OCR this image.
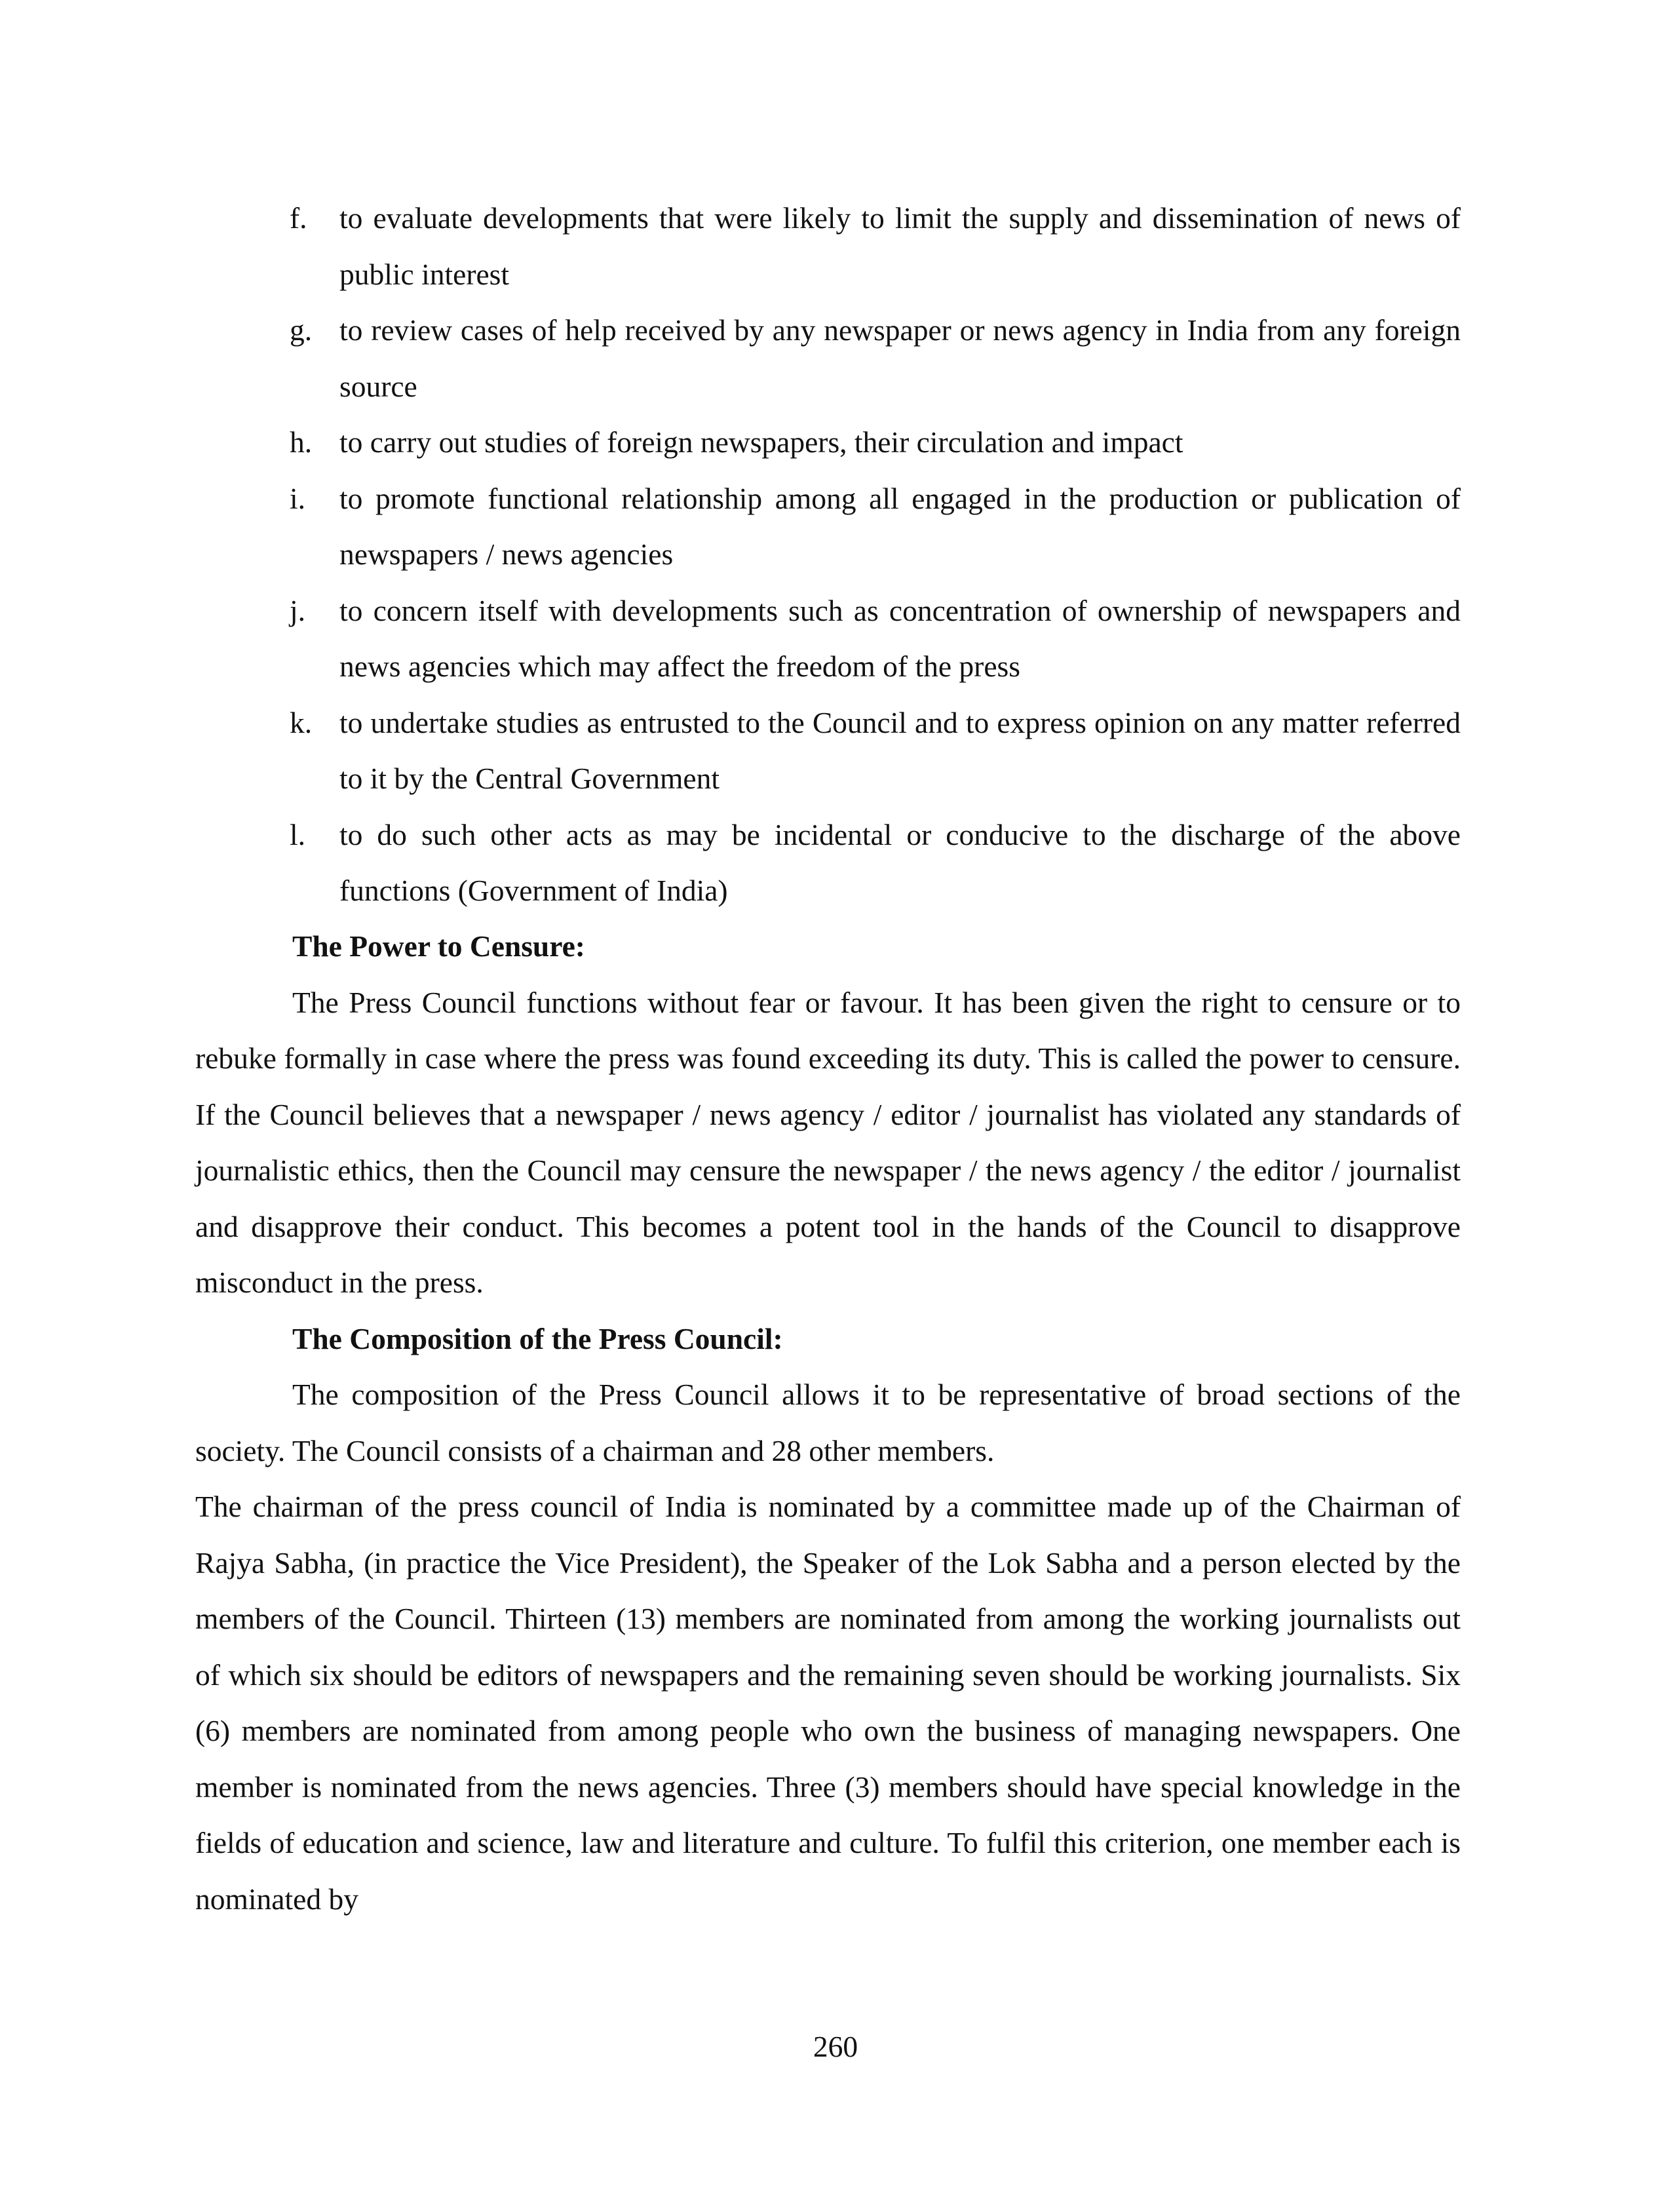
f. to evaluate developments that were likely to limit the supply and dissemination of news of public interest
g. to review cases of help received by any newspaper or news agency in India from any foreign source
h. to carry out studies of foreign newspapers, their circulation and impact
i. to promote functional relationship among all engaged in the production or publication of newspapers / news agencies
j. to concern itself with developments such as concentration of ownership of newspapers and news agencies which may affect the freedom of the press
k. to undertake studies as entrusted to the Council and to express opinion on any matter referred to it by the Central Government
l. to do such other acts as may be incidental or conducive to the discharge of the above functions (Government of India)

The Power to Censure:

The Press Council functions without fear or favour. It has been given the right to censure or to rebuke formally in case where the press was found exceeding its duty. This is called the power to censure. If the Council believes that a newspaper / news agency / editor / journalist has violated any standards of journalistic ethics, then the Council may censure the newspaper / the news agency / the editor / journalist and disapprove their conduct. This becomes a potent tool in the hands of the Council to disapprove misconduct in the press.

The Composition of the Press Council:

The composition of the Press Council allows it to be representative of broad sections of the society. The Council consists of a chairman and 28 other members.

The chairman of the press council of India is nominated by a committee made up of the Chairman of Rajya Sabha, (in practice the Vice President), the Speaker of the Lok Sabha and a person elected by the members of the Council. Thirteen (13) members are nominated from among the working journalists out of which six should be editors of newspapers and the remaining seven should be working journalists. Six (6) members are nominated from among people who own the business of managing newspapers. One member is nominated from the news agencies. Three (3) members should have special knowledge in the fields of education and science, law and literature and culture. To fulfil this criterion, one member each is nominated by

260
